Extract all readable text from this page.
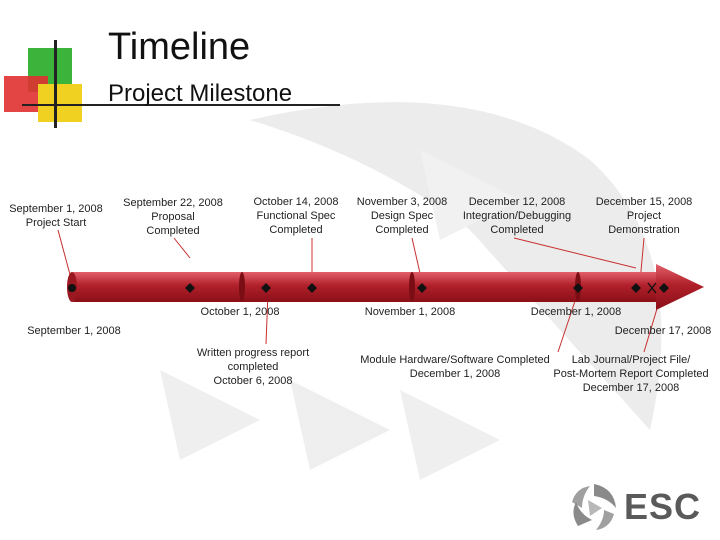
Timeline
Project Milestone
September 1, 2008
Project Start
September 22, 2008
Proposal
Completed
October 14, 2008
Functional Spec
Completed
November 3, 2008
Design Spec
Completed
December 12, 2008
Integration/Debugging
Completed
December 15, 2008
Project
Demonstration
September 1, 2008
October 1, 2008	November 1, 2008	December 1, 2008
December 17, 2008
Written progress report
completed
October 6, 2008
Module Hardware/Software Completed
December 1, 2008
Lab Journal/Project File/
Post-Mortem Report Completed
December 17, 2008
ESC
